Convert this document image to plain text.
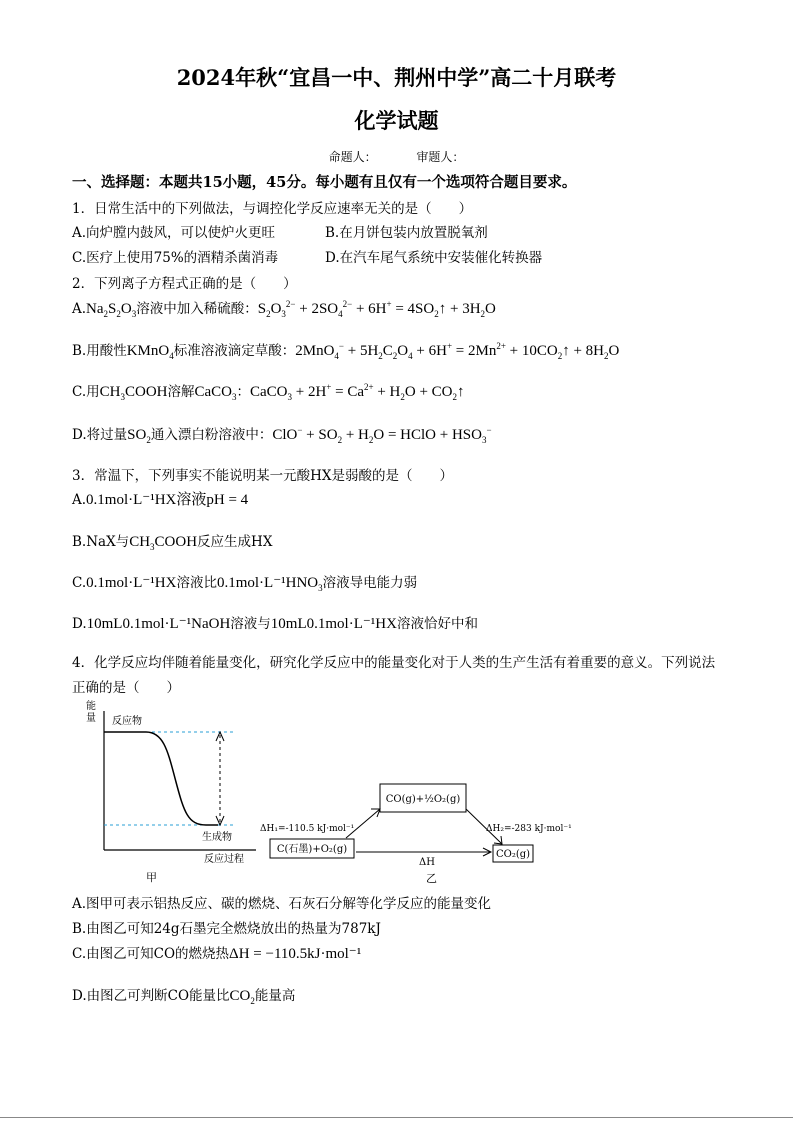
2024年秋“宜昌一中、荆州中学”高二十月联考
化学试题
命题人：	审题人：
一、选择题：本题共15小题，45分。每小题有且仅有一个选项符合题目要求。
1．日常生活中的下列做法，与调控化学反应速率无关的是（　　）
A.向炉膛内鼓风，可以使炉火更旺	B.在月饼包装内放置脱氧剂
C.医疗上使用75%的酒精杀菌消毒	D.在汽车尾气系统中安装催化转换器
2．下列离子方程式正确的是（　　）
$A.Na_2S_2O_3$溶液中加入稀硫酸：$S_2O_3^{2-} + 2SO_4^{2-} + 6H^+$ = $4SO_2↑ + 3H_2O$
B.用酸性KMnO$_4$标准溶液滴定草酸：$2MnO_4^- + 5H_2C_2O_4 + 6H^+ = 2Mn^{2+}$ + $10CO_2↑ + 8H_2O$
C.用$CH_3COOH$溶解CaCO$_3$：CaCO$_3$ + $2H^+ = Ca^{2+} + H_2O$ + $CO_2↑$
D.将过量$SO_2$通入漂白粉溶液中：$ClO^- + SO_2 + H_2O$ = HClO + $HSO_3^-$
3．常温下，下列事实不能说明某一元酸HX是弱酸的是（　　）
A.0.1mol·L⁻¹HX溶液pH = 4
B.NaX与$CH_3COOH$反应生成HX
C.0.1mol·L⁻¹HX溶液比$0.1mol\cdot L^{-1}HNO_3$溶液导电能力弱
D.10mL0.1mol·L⁻¹NaOH溶液与10mL0.1mol·L⁻¹HX溶液恰好中和
4．化学反应均伴随着能量变化，研究化学反应中的能量变化对于人类的生产生活有着重要的意义。下列说法正确的是（　　）
能
量 反应物
生成物
反应过程
甲
CO(g)+½O₂(g)
C(石墨)+O₂(g)	CO₂(g)
ΔH₁=-110.5 kJ·mol⁻¹	ΔH₂=-283 kJ·mol⁻¹
ΔH
乙
A.图甲可表示铝热反应、碳的燃烧、石灰石分解等化学反应的能量变化
B.由图乙可知24g石墨完全燃烧放出的热量为787kJ
C.由图乙可知CO的燃烧热ΔH = −110.5kJ·mol⁻¹
D.由图乙可判断CO能量比$CO_2$能量高
